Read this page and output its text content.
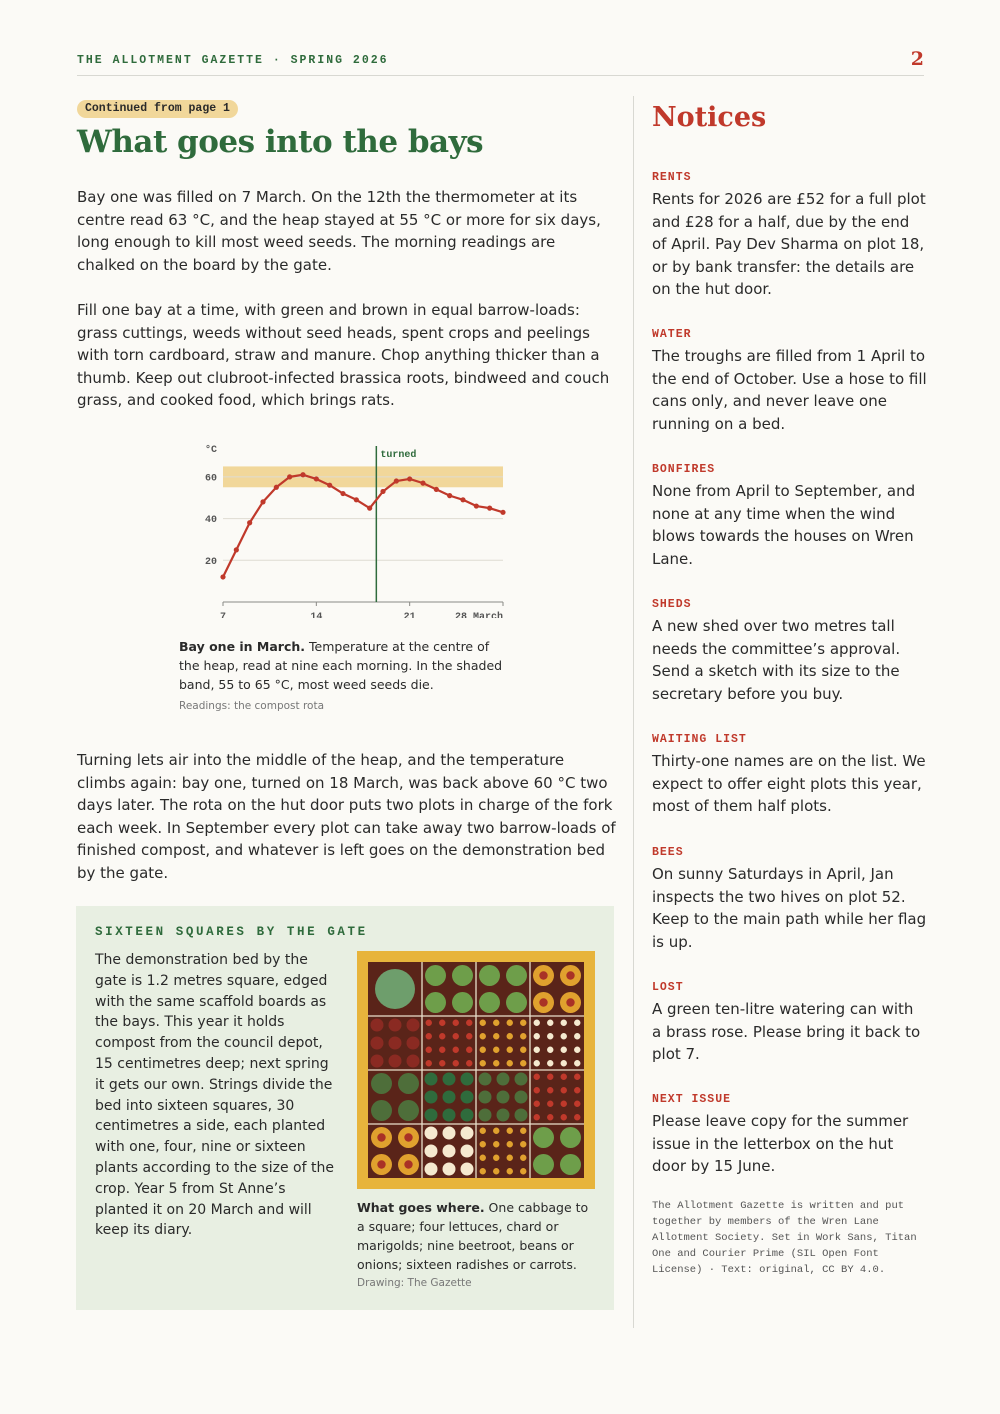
THE ALLOTMENT GAZETTE · SPRING 2026	2
Continued from page 1
What goes into the bays

Bay one was filled on 7 March. On the 12th the thermometer at its centre read 63 °C, and the heap stayed at 55 °C or more for six days, long enough to kill most weed seeds. The morning readings are chalked on the board by the gate.

Fill one bay at a time, with green and brown in equal barrow-loads: grass cuttings, weeds without seed heads, spent crops and peelings with torn cardboard, straw and manure. Chop anything thicker than a thumb. Keep out clubroot-infected brassica roots, bindweed and couch grass, and cooked food, which brings rats.

20
40
60
°C
7	14	21	28 March
turned
Bay one in March. Temperature at the centre of the heap, read at nine each morning. In the shaded band, 55 to 65 °C, most weed seeds die.
Readings: the compost rota

Turning lets air into the middle of the heap, and the temperature climbs again: bay one, turned on 18 March, was back above 60 °C two days later. The rota on the hut door puts two plots in charge of the fork each week. In September every plot can take away two barrow-loads of finished compost, and whatever is left goes on the demonstration bed by the gate.

SIXTEEN SQUARES BY THE GATE

The demonstration bed by the gate is 1.2 metres square, edged with the same scaffold boards as the bays. This year it holds compost from the council depot, 15 centimetres deep; next spring it gets our own. Strings divide the bed into sixteen squares, 30 centimetres a side, each planted with one, four, nine or sixteen plants according to the size of the crop. Year 5 from St Anne’s planted it on 20 March and will keep its diary.

What goes where. One cabbage to a square; four lettuces, chard or marigolds; nine beetroot, beans or onions; sixteen radishes or carrots.
Drawing: The Gazette
Notices
RENTS
Rents for 2026 are £52 for a full plot and £28 for a half, due by the end of April. Pay Dev Sharma on plot 18, or by bank transfer: the details are on the hut door.
WATER
The troughs are filled from 1 April to the end of October. Use a hose to fill cans only, and never leave one running on a bed.
BONFIRES
None from April to September, and none at any time when the wind blows towards the houses on Wren Lane.
SHEDS
A new shed over two metres tall needs the committee’s approval. Send a sketch with its size to the secretary before you buy.
WAITING LIST
Thirty-one names are on the list. We expect to offer eight plots this year, most of them half plots.
BEES
On sunny Saturdays in April, Jan inspects the two hives on plot 52. Keep to the main path while her flag is up.
LOST
A green ten-litre watering can with a brass rose. Please bring it back to plot 7.
NEXT ISSUE
Please leave copy for the summer issue in the letterbox on the hut door by 15 June.

The Allotment Gazette is written and put together by members of the Wren Lane Allotment Society. Set in Work Sans, Titan One and Courier Prime (SIL Open Font License) · Text: original, CC BY 4.0.
